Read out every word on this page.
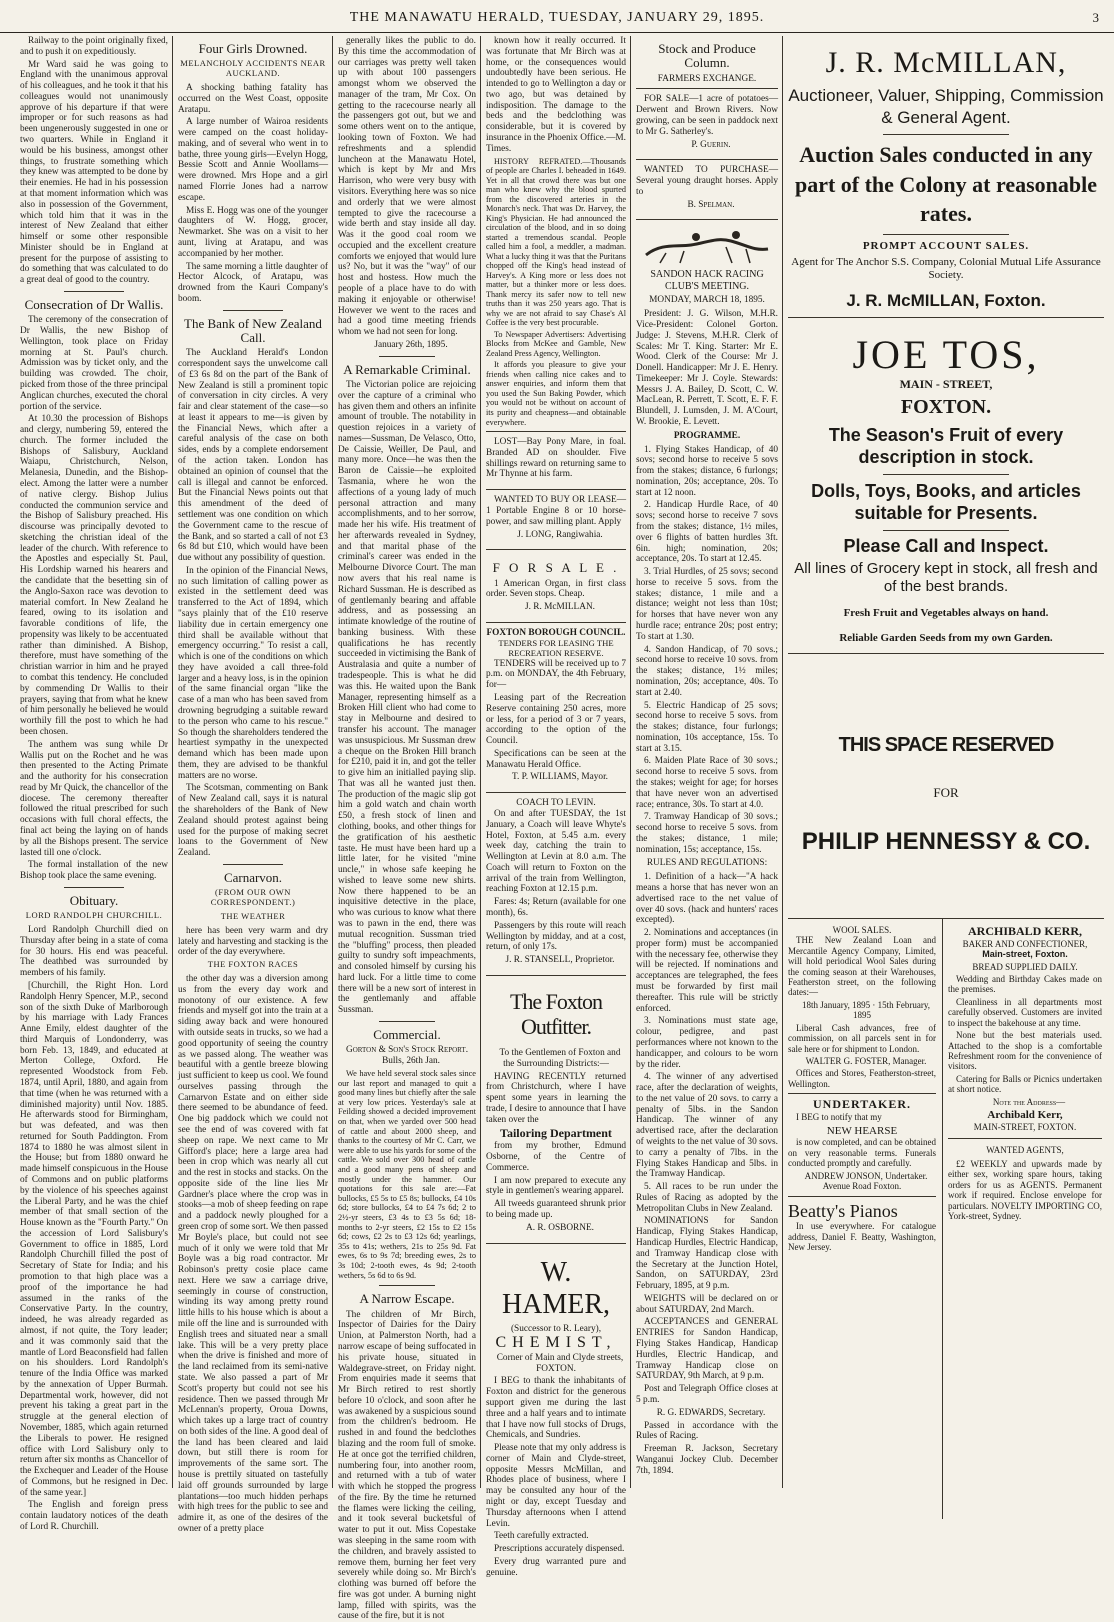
THE MANAWATU HERALD, TUESDAY, JANUARY 29, 1895.	3

Railway to the point originally fixed, and to push it on expeditiously.

Mr Ward said he was going to England with the unanimous approval of his colleagues, and he took it that his colleagues would not unanimously approve of his departure if that were improper or for such reasons as had been ungenerously suggested in one or two quarters. While in England it would be his business, amongst other things, to frustrate something which they knew was attempted to be done by their enemies. He had in his possession at that moment information which was also in possession of the Government, which told him that it was in the interest of New Zealand that either himself or some other responsible Minister should be in England at present for the purpose of assisting to do something that was calculated to do a great deal of good to the country.

Consecration of Dr Wallis.

The ceremony of the consecration of Dr Wallis, the new Bishop of Wellington, took place on Friday morning at St. Paul's church. Admission was by ticket only, and the building was crowded. The choir, picked from those of the three principal Anglican churches, executed the choral portion of the service.

At 10.30 the procession of Bishops and clergy, numbering 59, entered the church. The former included the Bishops of Salisbury, Auckland Waiapu, Christchurch, Nelson, Melanesia, Dunedin, and the Bishop-elect. Among the latter were a number of native clergy. Bishop Julius conducted the communion service and the Bishop of Salisbury preached. His discourse was principally devoted to sketching the christian ideal of the leader of the church. With reference to the Apostles and especially St. Paul, His Lordship warned his hearers and the candidate that the besetting sin of the Anglo-Saxon race was devotion to material comfort. In New Zealand he feared, owing to its isolation and favorable conditions of life, the propensity was likely to be accentuated rather than diminished. A Bishop, therefore, must have something of the christian warrior in him and he prayed to combat this tendency. He concluded by commending Dr Wallis to their prayers, saying that from what he knew of him personally he believed he would worthily fill the post to which he had been chosen.

The anthem was sung while Dr Wallis put on the Rochet and he was then presented to the Acting Primate and the authority for his consecration read by Mr Quick, the chancellor of the diocese. The ceremony thereafter followed the ritual prescribed for such occasions with full choral effects, the final act being the laying on of hands by all the Bishops present. The service lasted till one o'clock.

The formal installation of the new Bishop took place the same evening.

Obituary.
LORD RANDOLPH CHURCHILL.

Lord Randolph Churchill died on Thursday after being in a state of coma for 30 hours. His end was peaceful. The deathbed was surrounded by members of his family.

[Churchill, the Right Hon. Lord Randolph Henry Spencer, M.P., second son of the sixth Duke of Marlborough by his marriage with Lady Frances Anne Emily, eldest daughter of the third Marquis of Londonderry, was born Feb. 13, 1849, and educated at Merton College, Oxford. He represented Woodstock from Feb. 1874, until April, 1880, and again from that time (when he was returned with a diminished majority) until Nov. 1885. He afterwards stood for Birmingham, but was defeated, and was then returned for South Paddington. From 1874 to 1880 he was almost silent in the House; but from 1880 onward he made himself conspicuous in the House of Commons and on public platforms by the violence of his speeches against the Liberal Party, and he was the chief member of that small section of the House known as the "Fourth Party." On the accession of Lord Salisbury's Government to office in 1885, Lord Randolph Churchill filled the post of Secretary of State for India; and his promotion to that high place was a proof of the importance he had assumed in the ranks of the Conservative Party. In the country, indeed, he was already regarded as almost, if not quite, the Tory leader; and it was commonly said that the mantle of Lord Beaconsfield had fallen on his shoulders. Lord Randolph's tenure of the India Office was marked by the annexation of Upper Burmah. Departmental work, however, did not prevent his taking a great part in the struggle at the general election of November, 1885, which again returned the Liberals to power. He resigned office with Lord Salisbury only to return after six months as Chancellor of the Exchequer and Leader of the House of Commons, but he resigned in Dec. of the same year.]

The English and foreign press contain laudatory notices of the death of Lord R. Churchill.

Four Girls Drowned.
MELANCHOLY ACCIDENTS NEAR AUCKLAND.

A shocking bathing fatality has occurred on the West Coast, opposite Aratapu.

A large number of Wairoa residents were camped on the coast holiday-making, and of several who went in to bathe, three young girls—Evelyn Hogg, Bessie Scott and Annie Woollams—were drowned. Mrs Hope and a girl named Florrie Jones had a narrow escape.

Miss E. Hogg was one of the younger daughters of W. Hogg, grocer, Newmarket. She was on a visit to her aunt, living at Aratapu, and was accompanied by her mother.

The same morning a little daughter of Hector Alcock, of Aratapu, was drowned from the Kauri Company's boom.

The Bank of New Zealand Call.

The Auckland Herald's London correspondent says the unwelcome call of £3 6s 8d on the part of the Bank of New Zealand is still a prominent topic of conversation in city circles. A very fair and clear statement of the case—so at least it appears to me—is given by the Financial News, which after a careful analysis of the case on both sides, ends by a complete endorsement of the action taken. London has obtained an opinion of counsel that the call is illegal and cannot be enforced. But the Financial News points out that this amendment of the deed of settlement was one condition on which the Government came to the rescue of the Bank, and so started a call of not £3 6s 8d but £10, which would have been due without any possibility of question.

In the opinion of the Financial News, no such limitation of calling power as existed in the settlement deed was transferred to the Act of 1894, which "says plainly that of the £10 reserve liability due in certain emergency one third shall be available without that emergency occurring." To resist a call, which is one of the conditions on which they have avoided a call three-fold larger and a heavy loss, is in the opinion of the same financial organ "like the case of a man who has been saved from drowning begrudging a suitable reward to the person who came to his rescue." So though the shareholders tendered the heartiest sympathy in the unexpected demand which has been made upon them, they are advised to be thankful matters are no worse.

The Scotsman, commenting on Bank of New Zealand call, says it is natural the shareholders of the Bank of New Zealand should protest against being used for the purpose of making secret loans to the Government of New Zealand.

Carnarvon.
(FROM OUR OWN CORRESPONDENT.)
THE WEATHER

here has been very warm and dry lately and harvesting and stacking is the order of the day everywhere.

THE FOXTON RACES

the other day was a diversion among us from the every day work and monotony of our existence. A few friends and myself got into the train at a siding away back and were honoured with outside seats in trucks, so we had a good opportunity of seeing the country as we passed along. The weather was beautiful with a gentle breeze blowing just sufficient to keep us cool. We found ourselves passing through the Carnarvon Estate and on either side there seemed to be abundance of feed. One big paddock which we could not see the end of was covered with fat sheep on rape. We next came to Mr Gifford's place; here a large area had been in crop which was nearly all cut and the rest in stocks and stacks. On the opposite side of the line lies Mr Gardner's place where the crop was in stooks—a mob of sheep feeding on rape and a paddock newly ploughed for a green crop of some sort. We then passed Mr Boyle's place, but could not see much of it only we were told that Mr Boyle was a big road contractor. Mr Robinson's pretty cosie place came next. Here we saw a carriage drive, seemingly in course of construction, winding its way among pretty round little hills to his house which is about a mile off the line and is surrounded with English trees and situated near a small lake. This will be a very pretty place when the drive is finished and more of the land reclaimed from its semi-native state. We also passed a part of Mr Scott's property but could not see his residence. Then we passed through Mr McLennan's property, Oroua Downs, which takes up a large tract of country on both sides of the line. A good deal of the land has been cleared and laid down, but still there is room for improvements of the same sort. The house is prettily situated on tastefully laid off grounds surrounded by large plantations—too much hidden perhaps with high trees for the public to see and admire it, as one of the desires of the owner of a pretty place

generally likes the public to do. By this time the accommodation of our carriages was pretty well taken up with about 100 passengers amongst whom we observed the manager of the tram, Mr Cox. On getting to the racecourse nearly all the passengers got out, but we and some others went on to the antique, looking town of Foxton. We had refreshments and a splendid luncheon at the Manawatu Hotel, which is kept by Mr and Mrs Harrison, who were very busy with visitors. Everything here was so nice and orderly that we were almost tempted to give the racecourse a wide berth and stay inside all day. Was it the good coal room we occupied and the excellent creature comforts we enjoyed that would lure us? No, but it was the "way" of our host and hostess. How much the people of a place have to do with making it enjoyable or otherwise! However we went to the races and had a good time meeting friends whom we had not seen for long.

January 26th, 1895.

A Remarkable Criminal.

The Victorian police are rejoicing over the capture of a criminal who has given them and others an infinite amount of trouble. The notability in question rejoices in a variety of names—Sussman, De Velasco, Otto, De Caissie, Weiller, De Paul, and many more. Once—he was then the Baron de Caissie—he exploited Tasmania, where he won the affections of a young lady of much personal attraction and many accomplishments, and to her sorrow, made her his wife. His treatment of her afterwards revealed in Sydney, and that marital phase of the criminal's career was ended in the Melbourne Divorce Court. The man now avers that his real name is Richard Sussman. He is described as of gentlemanly bearing and affable address, and as possessing an intimate knowledge of the routine of banking business. With these qualifications he has recently succeeded in victimising the Bank of Australasia and quite a number of tradespeople. This is what he did was this. He waited upon the Bank Manager, representing himself as a Broken Hill client who had come to stay in Melbourne and desired to transfer his account. The manager was unsuspicious. Mr Sussman drew a cheque on the Broken Hill branch for £210, paid it in, and got the teller to give him an initialled paying slip. That was all he wanted just then. The production of the magic slip got him a gold watch and chain worth £50, a fresh stock of linen and clothing, books, and other things for the gratification of his aesthetic taste. He must have been hard up a little later, for he visited "mine uncle," in whose safe keeping he wished to leave some new shirts. Now there happened to be an inquisitive detective in the place, who was curious to know what there was to pawn in the end, there was mutual recognition. Sussman tried the "bluffing" process, then pleaded guilty to sundry soft impeachments, and consoled himself by cursing his hard luck. For a little time to come there will be a new sort of interest in the gentlemanly and affable Sussman.

Commercial.
Gorton & Son's Stock Report.

Bulls, 26th Jan.

We have held several stock sales since our last report and managed to quit a good many lines but chiefly after the sale at very low prices. Yesterday's sale at Feilding showed a decided improvement on that, when we yarded over 500 head of cattle and about 2000 sheep, and thanks to the courtesy of Mr C. Carr, we were able to use his yards for some of the cattle. We sold over 300 head of cattle and a good many pens of sheep and mostly under the hammer. Our quotations for this sale are:—Fat bullocks, £5 5s to £5 8s; bullocks, £4 10s 6d; store bullocks, £4 to £4 7s 6d; 2 to 2½-yr steers, £3 4s to £3 5s 6d; 18-months to 2-yr steers, £2 15s to £2 15s 6d; cows, £2 2s to £3 12s 6d; yearlings, 35s to 41s; wethers, 21s to 25s 9d. Fat ewes, 6s to 9s 7d; breeding ewes, 2s to 3s 10d; 2-tooth ewes, 4s 9d; 2-tooth wethers, 5s 6d to 6s 9d.

A Narrow Escape.

The children of Mr Birch, Inspector of Dairies for the Dairy Union, at Palmerston North, had a narrow escape of being suffocated in his private house, situated in Waldegrave-street, on Friday night. From enquiries made it seems that Mr Birch retired to rest shortly before 10 o'clock, and soon after he was awakened by a suspicious sound from the children's bedroom. He rushed in and found the bedclothes blazing and the room full of smoke. He at once got the terrified children, numbering four, into another room, and returned with a tub of water with which he stopped the progress of the fire. By the time he returned the flames were licking the ceiling, and it took several bucketsful of water to put it out. Miss Copestake was sleeping in the same room with the children, and bravely assisted to remove them, burning her feet very severely while doing so. Mr Birch's clothing was burned off before the fire was got under. A burning night lamp, filled with spirits, was the cause of the fire, but it is not

known how it really occurred. It was fortunate that Mr Birch was at home, or the consequences would undoubtedly have been serious. He intended to go to Wellington a day or two ago, but was detained by indisposition. The damage to the beds and the bedclothing was considerable, but it is covered by insurance in the Phoenix Office.—M. Times.

HISTORY REFRATED.—Thousands of people are Charles I. beheaded in 1649. Yet in all that crowd there was but one man who knew why the blood spurted from the discovered arteries in the Monarch's neck. That was Dr. Harvey, the King's Physician. He had announced the circulation of the blood, and in so doing started a tremendous scandal. People called him a fool, a meddler, a madman. What a lucky thing it was that the Puritans chopped off the King's head instead of Harvey's. A King more or less does not matter, but a thinker more or less does. Thank mercy its safer now to tell new truths than it was 250 years ago. That is why we are not afraid to say Chase's Al Coffee is the very best procurable.

To Newspaper Advertisers: Advertising Blocks from McKee and Gamble, New Zealand Press Agency, Wellington.

It affords you pleasure to give your friends when calling nice cakes and to answer enquiries, and inform them that you used the Sun Baking Powder, which you would not be without on account of its purity and cheapness—and obtainable everywhere.

LOST—Bay Pony Mare, in foal. Branded AD on shoulder. Five shillings reward on returning same to Mr Thynne at his farm.

WANTED TO BUY OR LEASE—1 Portable Engine 8 or 10 horse-power, and saw milling plant. Apply

J. LONG, Rangiwahia.

F O R S A L E .

1 American Organ, in first class order. Seven stops. Cheap.

J. R. McMILLAN.

FOXTON BOROUGH COUNCIL.
TENDERS FOR LEASING THE RECREATION RESERVE.

TENDERS will be received up to 7 p.m. on MONDAY, the 4th February, for—

Leasing part of the Recreation Reserve containing 250 acres, more or less, for a period of 3 or 7 years, according to the option of the Council.

Specifications can be seen at the Manawatu Herald Office.

T. P. WILLIAMS, Mayor.

COACH TO LEVIN.

On and after TUESDAY, the 1st January, a Coach will leave Whyte's Hotel, Foxton, at 5.45 a.m. every week day, catching the train to Wellington at Levin at 8.0 a.m. The Coach will return to Foxton on the arrival of the train from Wellington, reaching Foxton at 12.15 p.m.

Fares: 4s; Return (available for one month), 6s.

Passengers by this route will reach Wellington by midday, and at a cost, return, of only 17s.

J. R. STANSELL, Proprietor.

The Foxton Outfitter.

To the Gentlemen of Foxton and the Surrounding Districts:—

HAVING RECENTLY returned from Christchurch, where I have spent some years in learning the trade, I desire to announce that I have taken over the

Tailoring Department

from my brother, Edmund Osborne, of the Centre of Commerce.

I am now prepared to execute any style in gentlemen's wearing apparel.

All tweeds guaranteed shrunk prior to being made up.

A. R. OSBORNE.

W. HAMER,
(Successor to R. Leary),
CHEMIST,

Corner of Main and Clyde streets, FOXTON.

I BEG to thank the inhabitants of Foxton and district for the generous support given me during the last three and a half years and to intimate that I have now full stocks of Drugs, Chemicals, and Sundries.

Please note that my only address is corner of Main and Clyde-street, opposite Messrs McMillan, and Rhodes place of business, where I may be consulted any hour of the night or day, except Tuesday and Thursday afternoons when I attend Levin.

Teeth carefully extracted.

Prescriptions accurately dispensed.

Every drug warranted pure and genuine.

Stock and Produce Column.
FARMERS EXCHANGE.

FOR SALE—1 acre of potatoes—Derwent and Brown Rivers. Now growing, can be seen in paddock next to Mr G. Satherley's.

P. Guerin.

WANTED TO PURCHASE—Several young draught horses. Apply to

B. Spelman.

SANDON HACK RACING CLUB'S MEETING.
MONDAY, MARCH 18, 1895.

President: J. G. Wilson, M.H.R. Vice-President: Colonel Gorton. Judge: J. Stevens, M.H.R. Clerk of Scales: Mr T. King. Starter: Mr E. Wood. Clerk of the Course: Mr J. Donell. Handicapper: Mr J. E. Henry. Timekeeper: Mr J. Coyle. Stewards: Messrs J. A. Bailey, D. Scott, C. W. MacLean, R. Perrett, T. Scott, E. F. F. Blundell, J. Lumsden, J. M. A'Court, W. Brookie, E. Levett.

PROGRAMME.

1. Flying Stakes Handicap, of 40 sovs; second horse to receive 5 sovs from the stakes; distance, 6 furlongs; nomination, 20s; acceptance, 20s. To start at 12 noon.

2. Handicap Hurdle Race, of 40 sovs; second horse to receive 7 sovs from the stakes; distance, 1½ miles, over 6 flights of batten hurdles 3ft. 6in. high; nomination, 20s; acceptance, 20s. To start at 12.45.

3. Trial Hurdles, of 25 sovs; second horse to receive 5 sovs. from the stakes; distance, 1 mile and a distance; weight not less than 10st; for horses that have never won any hurdle race; entrance 20s; post entry; To start at 1.30.

4. Sandon Handicap, of 70 sovs.; second horse to receive 10 sovs. from the stakes; distance, 1½ miles; nomination, 20s; acceptance, 40s. To start at 2.40.

5. Electric Handicap of 25 sovs; second horse to receive 5 sovs. from the stakes; distance, four furlongs; nomination, 10s acceptance, 15s. To start at 3.15.

6. Maiden Plate Race of 30 sovs.; second horse to receive 5 sovs. from the stakes; weight for age; for horses that have never won an advertised race; entrance, 30s. To start at 4.0.

7. Tramway Handicap of 30 sovs.; second horse to receive 5 sovs. from the stakes; distance, 1 mile; nomination, 15s; acceptance, 15s.

RULES AND REGULATIONS:

1. Definition of a hack—"A hack means a horse that has never won an advertised race to the net value of over 40 sovs. (hack and hunters' races excepted).

2. Nominations and acceptances (in proper form) must be accompanied with the necessary fee, otherwise they will be rejected. If nominations and acceptances are telegraphed, the fees must be forwarded by first mail thereafter. This rule will be strictly enforced.

3. Nominations must state age, colour, pedigree, and past performances where not known to the handicapper, and colours to be worn by the rider.

4. The winner of any advertised race, after the declaration of weights, to the net value of 20 sovs. to carry a penalty of 5lbs. in the Sandon Handicap. The winner of any advertised race, after the declaration of weights to the net value of 30 sovs. to carry a penalty of 7lbs. in the Flying Stakes Handicap and 5lbs. in the Tramway Handicap.

5. All races to be run under the Rules of Racing as adopted by the Metropolitan Clubs in New Zealand.

NOMINATIONS for Sandon Handicap, Flying Stakes Handicap, Handicap Hurdles, Electric Handicap, and Tramway Handicap close with the Secretary at the Junction Hotel, Sandon, on SATURDAY, 23rd February, 1895, at 9 p.m.

WEIGHTS will be declared on or about SATURDAY, 2nd March.

ACCEPTANCES and GENERAL ENTRIES for Sandon Handicap, Flying Stakes Handicap, Handicap Hurdles, Electric Handicap, and Tramway Handicap close on SATURDAY, 9th March, at 9 p.m.

Post and Telegraph Office closes at 5 p.m.

R. G. EDWARDS, Secretary.

Passed in accordance with the Rules of Racing.

Freeman R. Jackson, Secretary Wanganui Jockey Club. December 7th, 1894.

J. R. McMILLAN,
Auctioneer, Valuer, Shipping, Commission & General Agent.
Auction Sales conducted in any part of the Colony at reasonable rates.
PROMPT ACCOUNT SALES.
Agent for The Anchor S.S. Company, Colonial Mutual Life Assurance Society.
J. R. McMILLAN, Foxton.
JOE TOS,
MAIN - STREET,
FOXTON.
The Season's Fruit of every description in stock.
Dolls, Toys, Books, and articles suitable for Presents.
Please Call and Inspect.
All lines of Grocery kept in stock, all fresh and of the best brands.
Fresh Fruit and Vegetables always on hand.
Reliable Garden Seeds from my own Garden.
THIS SPACE RESERVED
FOR
PHILIP HENNESSY & CO.
WOOL SALES.

THE New Zealand Loan and Mercantile Agency Company, Limited, will hold periodical Wool Sales during the coming season at their Warehouses, Featherston street, on the following dates:—

18th January, 1895 · 15th February, 1895

Liberal Cash advances, free of commission, on all parcels sent in for sale here or for shipment to London.

WALTER G. FOSTER, Manager.

Offices and Stores, Featherston-street, Wellington.

UNDERTAKER.

I BEG to notify that my

NEW HEARSE

is now completed, and can be obtained on very reasonable terms. Funerals conducted promptly and carefully.

ANDREW JONSON, Undertaker. Avenue Road Foxton.

Beatty's Pianos

In use everywhere. For catalogue address, Daniel F. Beatty, Washington, New Jersey.

ARCHIBALD KERR,
BAKER AND CONFECTIONER,
Main-street, Foxton.
BREAD SUPPLIED DAILY.

Wedding and Birthday Cakes made on the premises.

Cleanliness in all departments most carefully observed. Customers are invited to inspect the bakehouse at any time.

None but the best materials used. Attached to the shop is a comfortable Refreshment room for the convenience of visitors.

Catering for Balls or Picnics undertaken at short notice.

Note the Address—

Archibald Kerr,
MAIN-STREET, FOXTON.
WANTED AGENTS,

£2 WEEKLY and upwards made by either sex, working spare hours, taking orders for us as AGENTS. Permanent work if required. Enclose envelope for particulars. NOVELTY IMPORTING CO, York-street, Sydney.
